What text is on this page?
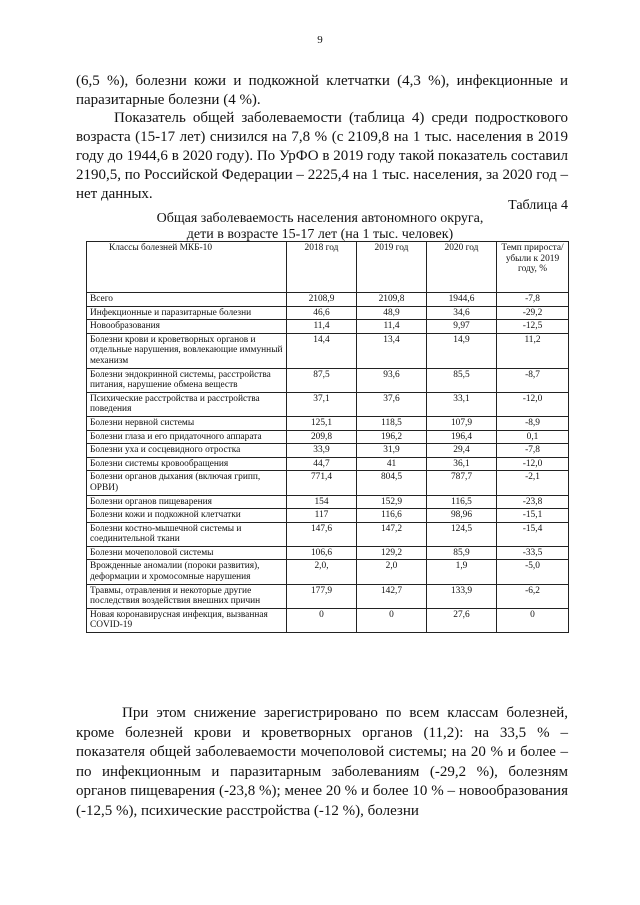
9

(6,5 %), болезни кожи и подкожной клетчатки (4,3 %), инфекционные и паразитарные болезни (4 %).

Показатель общей заболеваемости (таблица 4) среди подросткового возраста (15-17 лет) снизился на 7,8 % (с 2109,8 на 1 тыс. населения в 2019 году до 1944,6 в 2020 году). По УрФО в 2019 году такой показатель составил 2190,5, по Российской Федерации – 2225,4 на 1 тыс. населения, за 2020 год – нет данных.

Таблица 4
Общая заболеваемость населения автономного округа,
дети в возрасте 15-17 лет (на 1 тыс. человек)
Классы болезней МКБ-10	2018 год	2019 год	2020 год	Темп прироста/ убыли к 2019 году, %
Всего	2108,9	2109,8	1944,6	-7,8
Инфекционные и паразитарные болезни	46,6	48,9	34,6	-29,2
Новообразования	11,4	11,4	9,97	-12,5
Болезни крови и кроветворных органов и отдельные нарушения, вовлекающие иммунный механизм	14,4	13,4	14,9	11,2
Болезни эндокринной системы, расстройства питания, нарушение обмена веществ	87,5	93,6	85,5	-8,7
Психические расстройства и расстройства поведения	37,1	37,6	33,1	-12,0
Болезни нервной системы	125,1	118,5	107,9	-8,9
Болезни глаза и его придаточного аппарата	209,8	196,2	196,4	0,1
Болезни уха и сосцевидного отростка	33,9	31,9	29,4	-7,8
Болезни системы кровообращения	44,7	41	36,1	-12,0
Болезни органов дыхания (включая грипп, ОРВИ)	771,4	804,5	787,7	-2,1
Болезни органов пищеварения	154	152,9	116,5	-23,8
Болезни кожи и подкожной клетчатки	117	116,6	98,96	-15,1
Болезни костно-мышечной системы и соединительной ткани	147,6	147,2	124,5	-15,4
Болезни мочеполовой системы	106,6	129,2	85,9	-33,5
Врожденные аномалии (пороки развития), деформации и хромосомные нарушения	2,0,	2,0	1,9	-5,0
Травмы, отравления и некоторые другие последствия воздействия внешних причин	177,9	142,7	133,9	-6,2
Новая коронавирусная инфекция, вызванная COVID-19	0	0	27,6	0

При этом снижение зарегистрировано по всем классам болезней, кроме болезней крови и кроветворных органов (11,2): на 33,5 % – показателя общей заболеваемости мочеполовой системы; на 20 % и более – по инфекционным и паразитарным заболеваниям (-29,2 %), болезням органов пищеварения (-23,8 %); менее 20 % и более 10 % – новообразования (-12,5 %), психические расстройства (-12 %), болезни
